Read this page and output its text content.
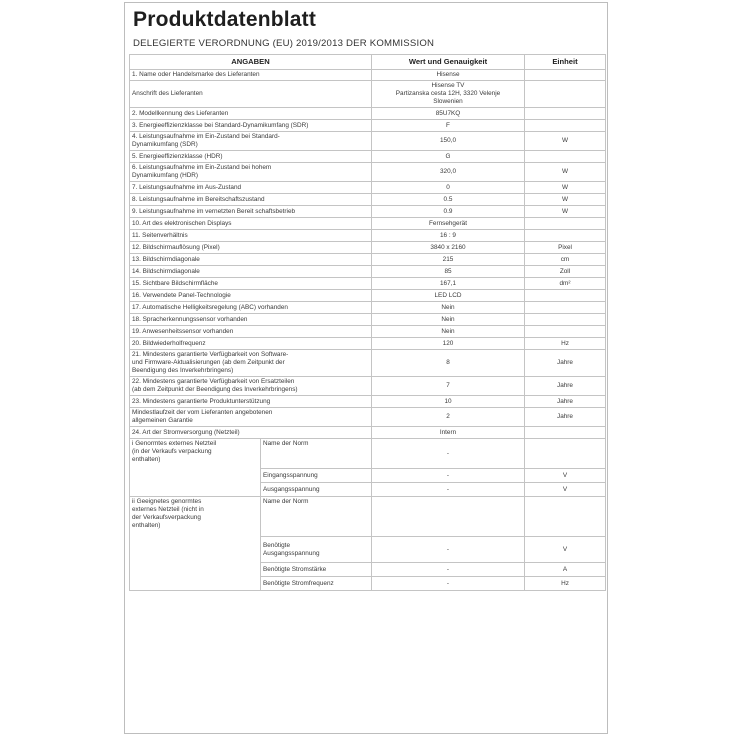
Produktdatenblatt
DELEGIERTE VERORDNUNG (EU) 2019/2013 DER KOMMISSION
ANGABEN		Wert und Genauigkeit	Einheit
1. Name oder Handelsmarke des Lieferanten		Hisense	
Anschrift des Lieferanten		Hisense TV
Partizanska cesta 12H, 3320 Velenje
Slowenien	
2. Modellkennung des Lieferanten		85U7KQ	
3. Energieeffizienzklasse bei Standard-Dynamikumfang (SDR)		F	
4. Leistungsaufnahme im Ein-Zustand bei Standard-
Dynamikumfang (SDR)		150,0	W
5. Energieeffizienzklasse (HDR)		G	
6. Leistungsaufnahme im Ein-Zustand bei hohem
Dynamikumfang (HDR)		320,0	W
7. Leistungsaufnahme im Aus-Zustand		0	W
8. Leistungsaufnahme im Bereitschaftszustand		0.5	W
9. Leistungsaufnahme im vernetzten Bereit schaftsbetrieb		0.9	W
10. Art des elektronischen Displays		Fernsehgerät	
11. Seitenverhältnis		16 : 9	
12. Bildschirmauflösung (Pixel)		3840 x 2160	Pixel
13. Bildschirmdiagonale		215	cm
14. Bildschirmdiagonale		85	Zoll
15. Sichtbare Bildschirmfläche		167,1	dm²
16. Verwendete Panel-Technologie		LED LCD	
17. Automatische Helligkeitsregelung (ABC) vorhanden		Nein	
18. Spracherkennungssensor vorhanden		Nein	
19. Anwesenheitssensor vorhanden		Nein	
20. Bildwiederholfrequenz		120	Hz
21. Mindestens garantierte Verfügbarkeit von Software-
und Firmware-Aktualisierungen (ab dem Zeitpunkt der
Beendigung des Inverkehrbringens)		8	Jahre
22. Mindestens garantierte Verfügbarkeit von Ersatzteilen
(ab dem Zeitpunkt der Beendigung des Inverkehrbringens)		7	Jahre
23. Mindestens garantierte Produktunterstützung		10	Jahre
Mindestlaufzeit der vom Lieferanten angebotenen
allgemeinen Garantie		2	Jahre
24. Art der Stromversorgung (Netzteil)		Intern	
i Genormtes externes Netzteil
(in der Verkaufs verpackung
enthalten)	Name der Norm	-	
	Eingangsspannung	-	V
	Ausgangsspannung	-	V
ii Geeignetes genormtes
externes Netzteil (nicht in
der Verkaufsverpackung
enthalten)	Name der Norm		
	Benötigte
Ausgangsspannung	-	V
	Benötigte Stromstärke	-	A
	Benötigte Stromfrequenz	-	Hz
